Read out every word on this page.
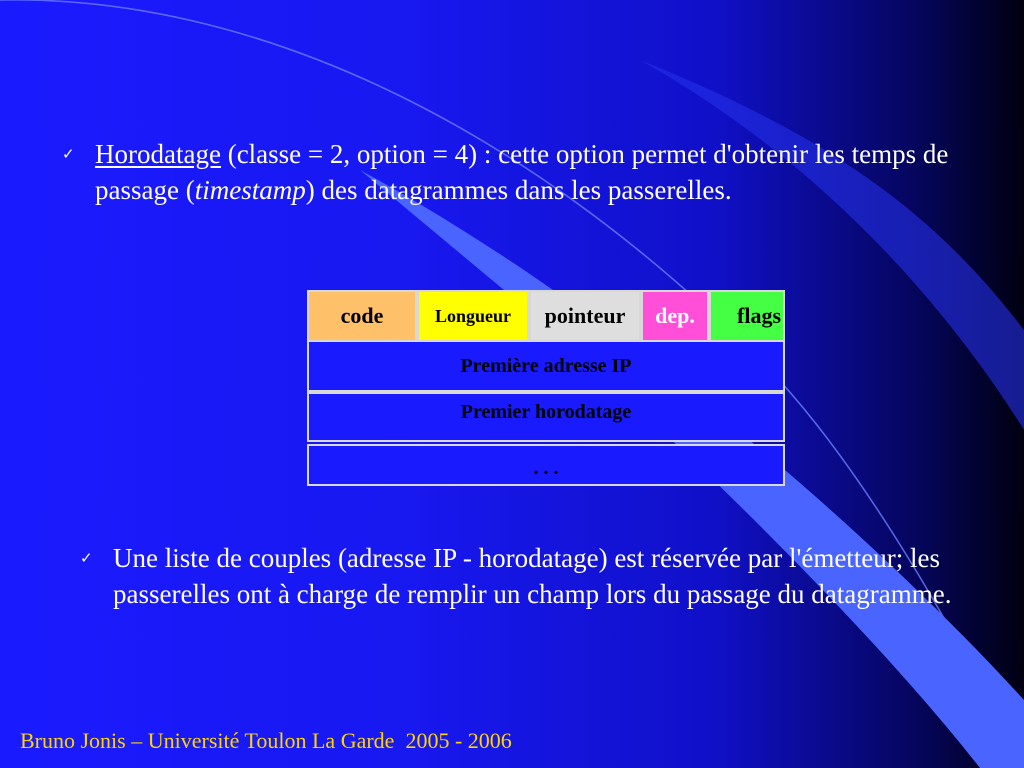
✓ Horodatage (classe = 2, option = 4) : cette option permet d'obtenir les temps de passage (timestamp) des datagrammes dans les passerelles.
code	Longueur pointeur dep. flags
Première adresse IP
Premier horodatage
. . .
✓ Une liste de couples (adresse IP - horodatage) est réservée par l'émetteur; les passerelles ont à charge de remplir un champ lors du passage du datagramme.
Bruno Jonis – Université Toulon La Garde  2005 - 2006
